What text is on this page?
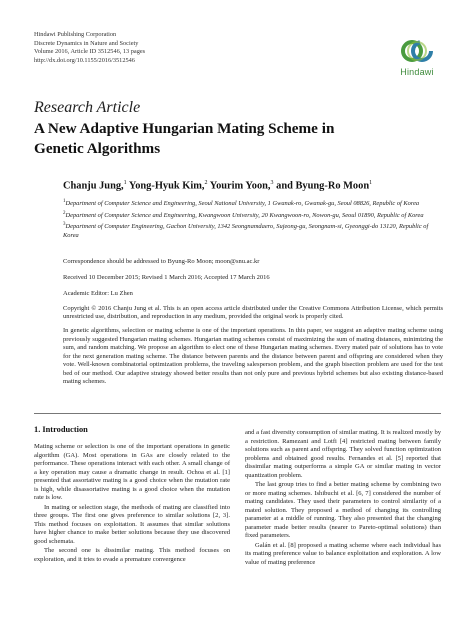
Hindawi Publishing Corporation
Discrete Dynamics in Nature and Society
Volume 2016, Article ID 3512546, 13 pages
http://dx.doi.org/10.1155/2016/3512546
Hindawi
Research Article
A New Adaptive Hungarian Mating Scheme in
Genetic Algorithms
Chanju Jung,$^1$ Yong-Hyuk Kim,$^2$ Yourim Yoon,$^3$ and Byung-Ro Moon$^1$
$^1$Department of Computer Science and Engineering, Seoul National University, 1 Gwanak-ro, Gwanak-gu, Seoul 08826, Republic of Korea
$^2$Department of Computer Science and Engineering, Kwangwoon University, 20 Kwangwoon-ro, Nowon-gu, Seoul 01890, Republic of Korea
$^3$Department of Computer Engineering, Gachon University, 1342 Seongnamdaero, Sujeong-gu, Seongnam-si, Gyeonggi-do 13120, Republic of Korea
Correspondence should be addressed to Byung-Ro Moon; moon@snu.ac.kr
Received 10 December 2015; Revised 1 March 2016; Accepted 17 March 2016
Academic Editor: Lu Zhen
Copyright © 2016 Chanju Jung et al. This is an open access article distributed under the Creative Commons Attribution License, which permits unrestricted use, distribution, and reproduction in any medium, provided the original work is properly cited.
In genetic algorithms, selection or mating scheme is one of the important operations. In this paper, we suggest an adaptive mating scheme using previously suggested Hungarian mating schemes. Hungarian mating schemes consist of maximizing the sum of mating distances, minimizing the sum, and random matching. We propose an algorithm to elect one of these Hungarian mating schemes. Every mated pair of solutions has to vote for the next generation mating scheme. The distance between parents and the distance between parent and offspring are considered when they vote. Well-known combinatorial optimization problems, the traveling salesperson problem, and the graph bisection problem are used for the test bed of our method. Our adaptive strategy showed better results than not only pure and previous hybrid schemes but also existing distance-based mating schemes.
1. Introduction

Mating scheme or selection is one of the important operations in genetic algorithm (GA). Most operations in GAs are closely related to the performance. These operations interact with each other. A small change of a key operation may cause a dramatic change in result. Ochoa et al. [1] presented that assortative mating is a good choice when the mutation rate is high, while disassortative mating is a good choice when the mutation rate is low.

In mating or selection stage, the methods of mating are classified into three groups. The first one gives preference to similar solutions [2, 3]. This method focuses on exploitation. It assumes that similar solutions have higher chance to make better solutions because they use discovered good schemata.

The second one is dissimilar mating. This method focuses on exploration, and it tries to evade a premature convergence

and a fast diversity consumption of similar mating. It is realized mostly by a restriction. Ramezani and Lotfi [4] restricted mating between family solutions such as parent and offspring. They solved function optimization problems and obtained good results. Fernandes et al. [5] reported that dissimilar mating outperforms a simple GA or similar mating in vector quantization problem.

The last group tries to find a better mating scheme by combining two or more mating schemes. Ishibuchi et al. [6, 7] considered the number of mating candidates. They used their parameters to control similarity of a mated solution. They proposed a method of changing its controlling parameter at a middle of running. They also presented that the changing parameter made better results (nearer to Pareto-optimal solutions) than fixed parameters.

Galán et al. [8] proposed a mating scheme where each individual has its mating preference value to balance exploitation and exploration. A low value of mating preference
